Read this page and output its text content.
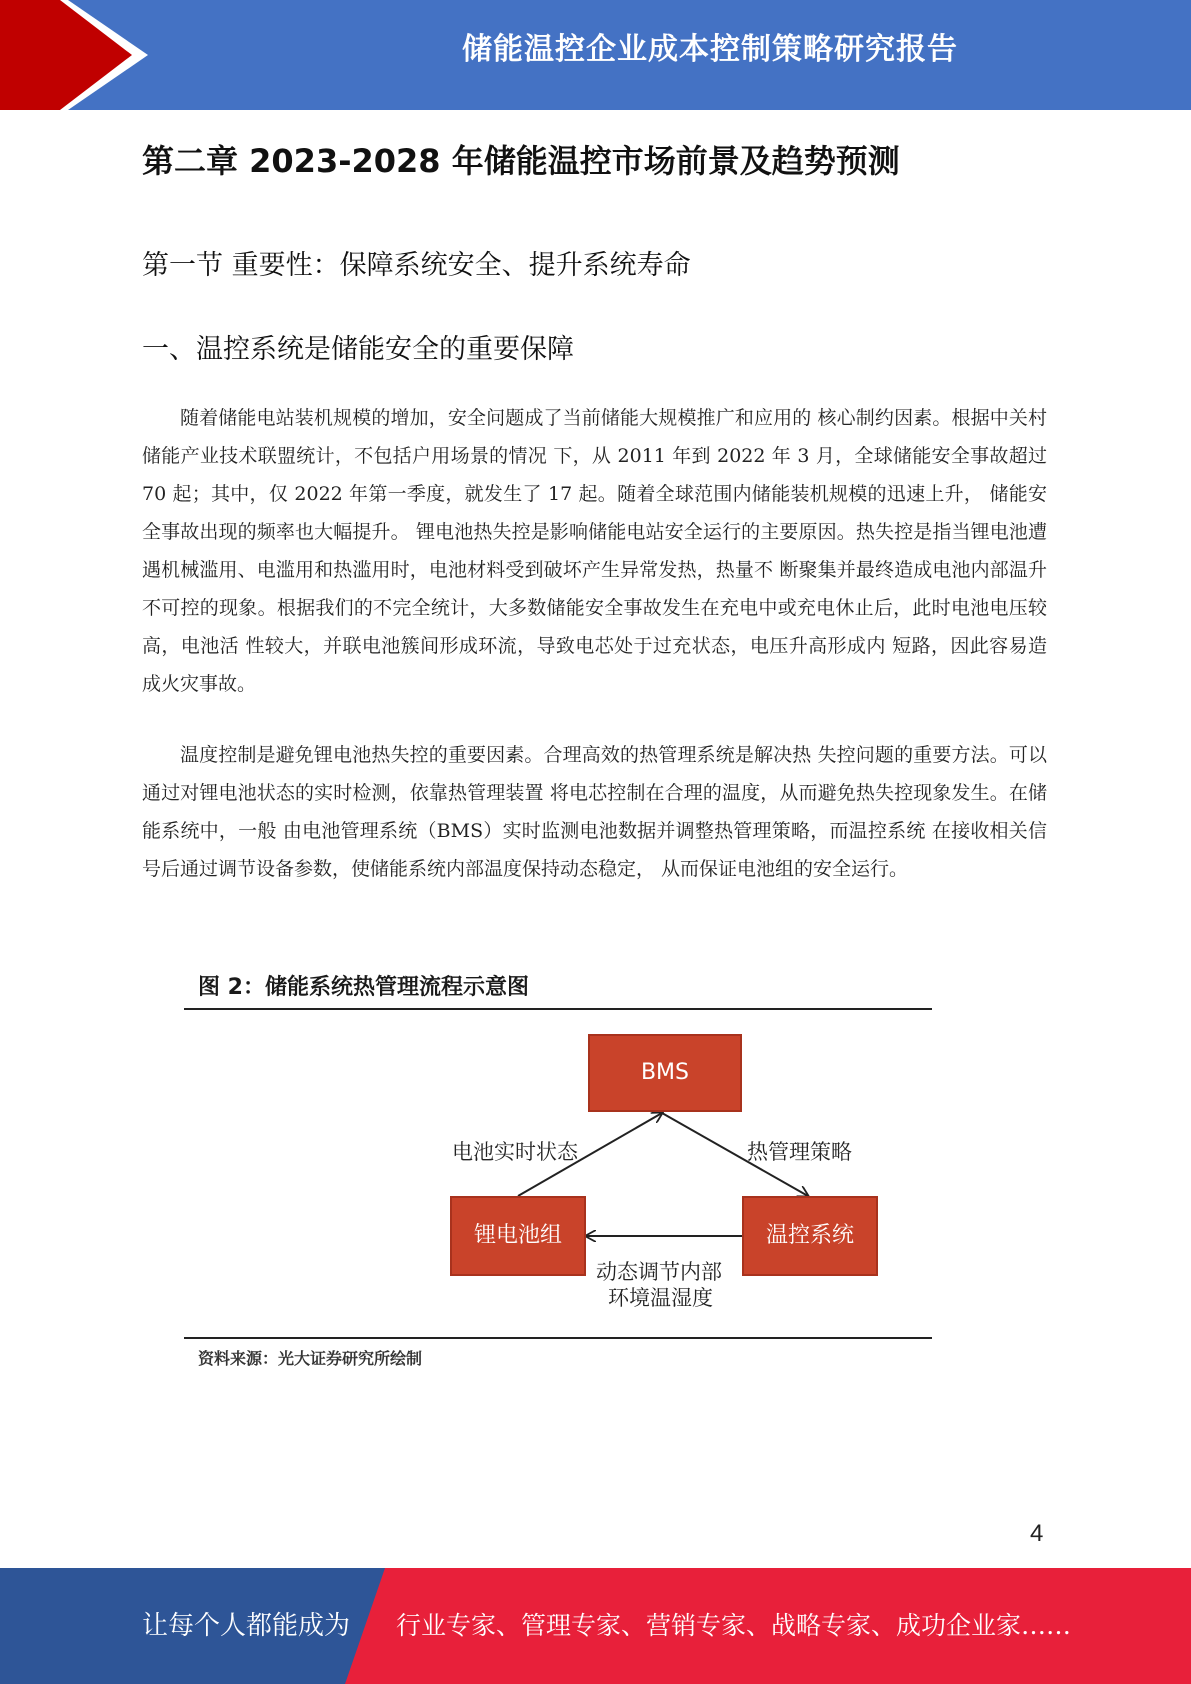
储能温控企业成本控制策略研究报告
第二章 2023-2028 年储能温控市场前景及趋势预测
第一节 重要性：保障系统安全、提升系统寿命
一、温控系统是储能安全的重要保障
随着储能电站装机规模的增加，安全问题成了当前储能大规模推广和应用的 核心制约因素。根据中关村储能产业技术联盟统计，不包括户用场景的情况 下，从 2011 年到 2022 年 3 月，全球储能安全事故超过 70 起；其中，仅 2022 年第一季度，就发生了 17 起。随着全球范围内储能装机规模的迅速上升， 储能安全事故出现的频率也大幅提升。 锂电池热失控是影响储能电站安全运行的主要原因。热失控是指当锂电池遭 遇机械滥用、电滥用和热滥用时，电池材料受到破坏产生异常发热，热量不 断聚集并最终造成电池内部温升不可控的现象。根据我们的不完全统计，大多数储能安全事故发生在充电中或充电休止后，此时电池电压较高，电池活 性较大，并联电池簇间形成环流，导致电芯处于过充状态，电压升高形成内 短路，因此容易造成火灾事故。
温度控制是避免锂电池热失控的重要因素。合理高效的热管理系统是解决热 失控问题的重要方法。可以通过对锂电池状态的实时检测，依靠热管理装置 将电芯控制在合理的温度，从而避免热失控现象发生。在储能系统中，一般 由电池管理系统（BMS）实时监测电池数据并调整热管理策略，而温控系统 在接收相关信号后通过调节设备参数，使储能系统内部温度保持动态稳定， 从而保证电池组的安全运行。
图 2：储能系统热管理流程示意图
BMS
锂电池组	温控系统
电池实时状态	热管理策略
动态调节内部
环境温湿度
资料来源：光大证券研究所绘制
4
让每个人都能成为 行业专家、管理专家、营销专家、战略专家、成功企业家……
